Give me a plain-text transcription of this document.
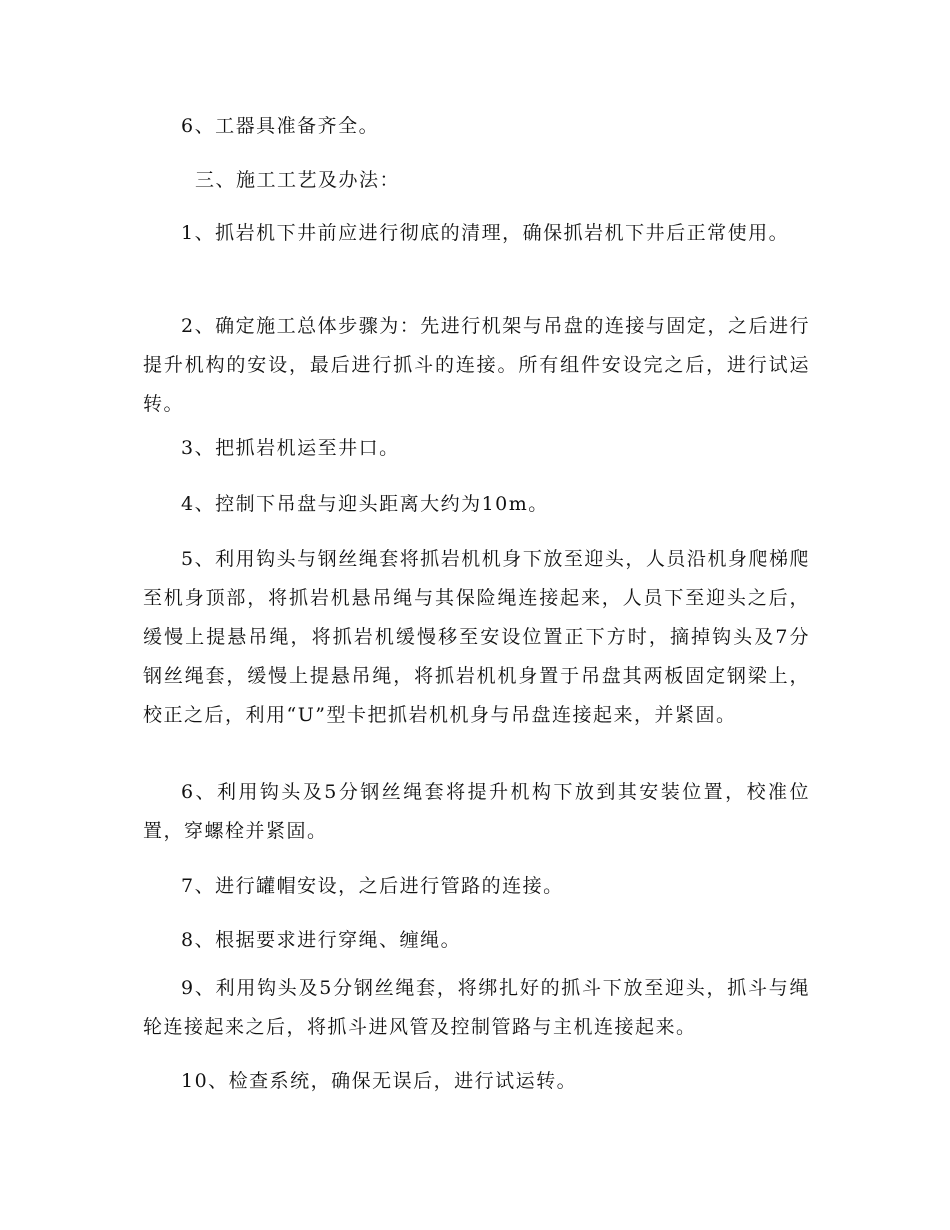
6、工器具准备齐全。

三、施工工艺及办法：

1、抓岩机下井前应进行彻底的清理，确保抓岩机下井后正常使用。

2、确定施工总体步骤为：先进行机架与吊盘的连接与固定，之后进行提升机构的安设，最后进行抓斗的连接。所有组件安设完之后，进行试运转。

3、把抓岩机运至井口。

4、控制下吊盘与迎头距离大约为10m。

5、利用钩头与钢丝绳套将抓岩机机身下放至迎头，人员沿机身爬梯爬至机身顶部，将抓岩机悬吊绳与其保险绳连接起来，人员下至迎头之后，缓慢上提悬吊绳，将抓岩机缓慢移至安设位置正下方时，摘掉钩头及7分钢丝绳套，缓慢上提悬吊绳，将抓岩机机身置于吊盘其两板固定钢梁上，校正之后，利用“U”型卡把抓岩机机身与吊盘连接起来，并紧固。

6、利用钩头及5分钢丝绳套将提升机构下放到其安装位置，校准位置，穿螺栓并紧固。

7、进行罐帽安设，之后进行管路的连接。

8、根据要求进行穿绳、缠绳。

9、利用钩头及5分钢丝绳套，将绑扎好的抓斗下放至迎头，抓斗与绳轮连接起来之后，将抓斗进风管及控制管路与主机连接起来。

10、检查系统，确保无误后，进行试运转。
